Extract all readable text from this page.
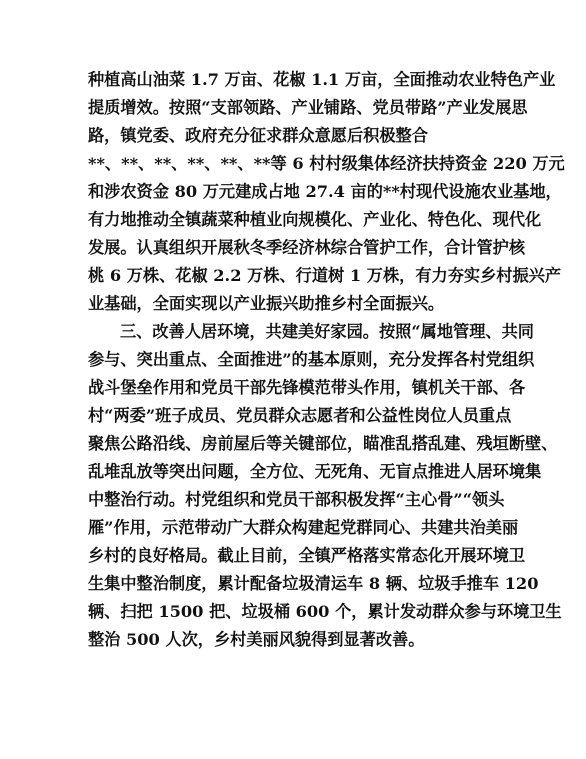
种植高山油菜 1.7 万亩、花椒 1.1 万亩，全面推动农业特色产业
提质增效。按照“支部领路、产业铺路、党员带路”产业发展思
路，镇党委、政府充分征求群众意愿后积极整合
**、**、**、**、**、**等 6 村村级集体经济扶持资金 220 万元
和涉农资金 80 万元建成占地 27.4 亩的**村现代设施农业基地，
有力地推动全镇蔬菜种植业向规模化、产业化、特色化、现代化
发展。认真组织开展秋冬季经济林综合管护工作，合计管护核
桃 6 万株、花椒 2.2 万株、行道树 1 万株，有力夯实乡村振兴产
业基础，全面实现以产业振兴助推乡村全面振兴。
三、改善人居环境，共建美好家园。按照“属地管理、共同
参与、突出重点、全面推进”的基本原则，充分发挥各村党组织
战斗堡垒作用和党员干部先锋模范带头作用，镇机关干部、各
村“两委”班子成员、党员群众志愿者和公益性岗位人员重点
聚焦公路沿线、房前屋后等关键部位，瞄准乱搭乱建、残垣断壁、
乱堆乱放等突出问题，全方位、无死角、无盲点推进人居环境集
中整治行动。村党组织和党员干部积极发挥“主心骨”“领头
雁”作用，示范带动广大群众构建起党群同心、共建共治美丽
乡村的良好格局。截止目前，全镇严格落实常态化开展环境卫
生集中整治制度，累计配备垃圾清运车 8 辆、垃圾手推车 120
辆、扫把 1500 把、垃圾桶 600 个，累计发动群众参与环境卫生
整治 500 人次，乡村美丽风貌得到显著改善。
